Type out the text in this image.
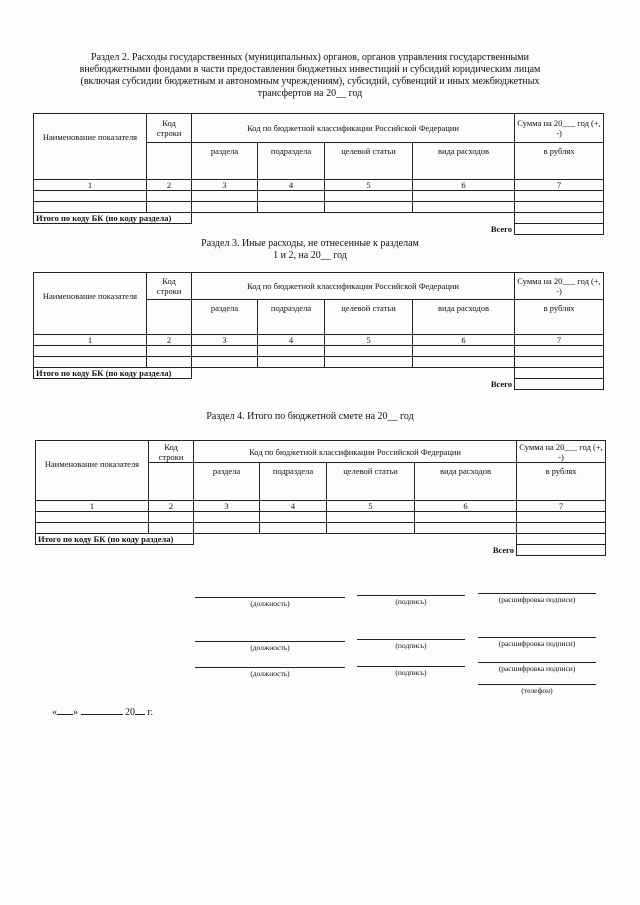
Раздел 2. Расходы государственных (муниципальных) органов, органов управления государственными
внебюджетными фондами в части предоставления бюджетных инвестиций и субсидий юридическим лицам
(включая субсидии бюджетным и автономным учреждениям), субсидий, субвенций и иных межбюджетных
трансфертов на 20__ год
Наименование показателя	Код строки	Код по бюджетной классификации Российской Федерации				Сумма на 20___ год (+, -)
		раздела	подраздела	целевой статьи	вида расходов	в рублях
1	2	3	4	5	6	7

Итого по коду БК (по коду раздела)						
		Всего				
Раздел 3. Иные расходы, не отнесенные к разделам
1 и 2, на 20__ год
Наименование показателя	Код строки	Код по бюджетной классификации Российской Федерации				Сумма на 20___ год (+, -)
		раздела	подраздела	целевой статьи	вида расходов	в рублях
1	2	3	4	5	6	7

Итого по коду БК (по коду раздела)						
		Всего				
Раздел 4. Итого по бюджетной смете на 20__ год
Наименование показателя	Код строки	Код по бюджетной классификации Российской Федерации				Сумма на 20___ год (+, -)
		раздела	подраздела	целевой статьи	вида расходов	в рублях
1	2	3	4	5	6	7

Итого по коду БК (по коду раздела)						
		Всего				
(должность)	(подпись)	(расшифровка подписи)
(должность)	(подпись)	(расшифровка подписи)
(должность)	(подпись)	(расшифровка подписи)
(телефон)
« »	20 г.
